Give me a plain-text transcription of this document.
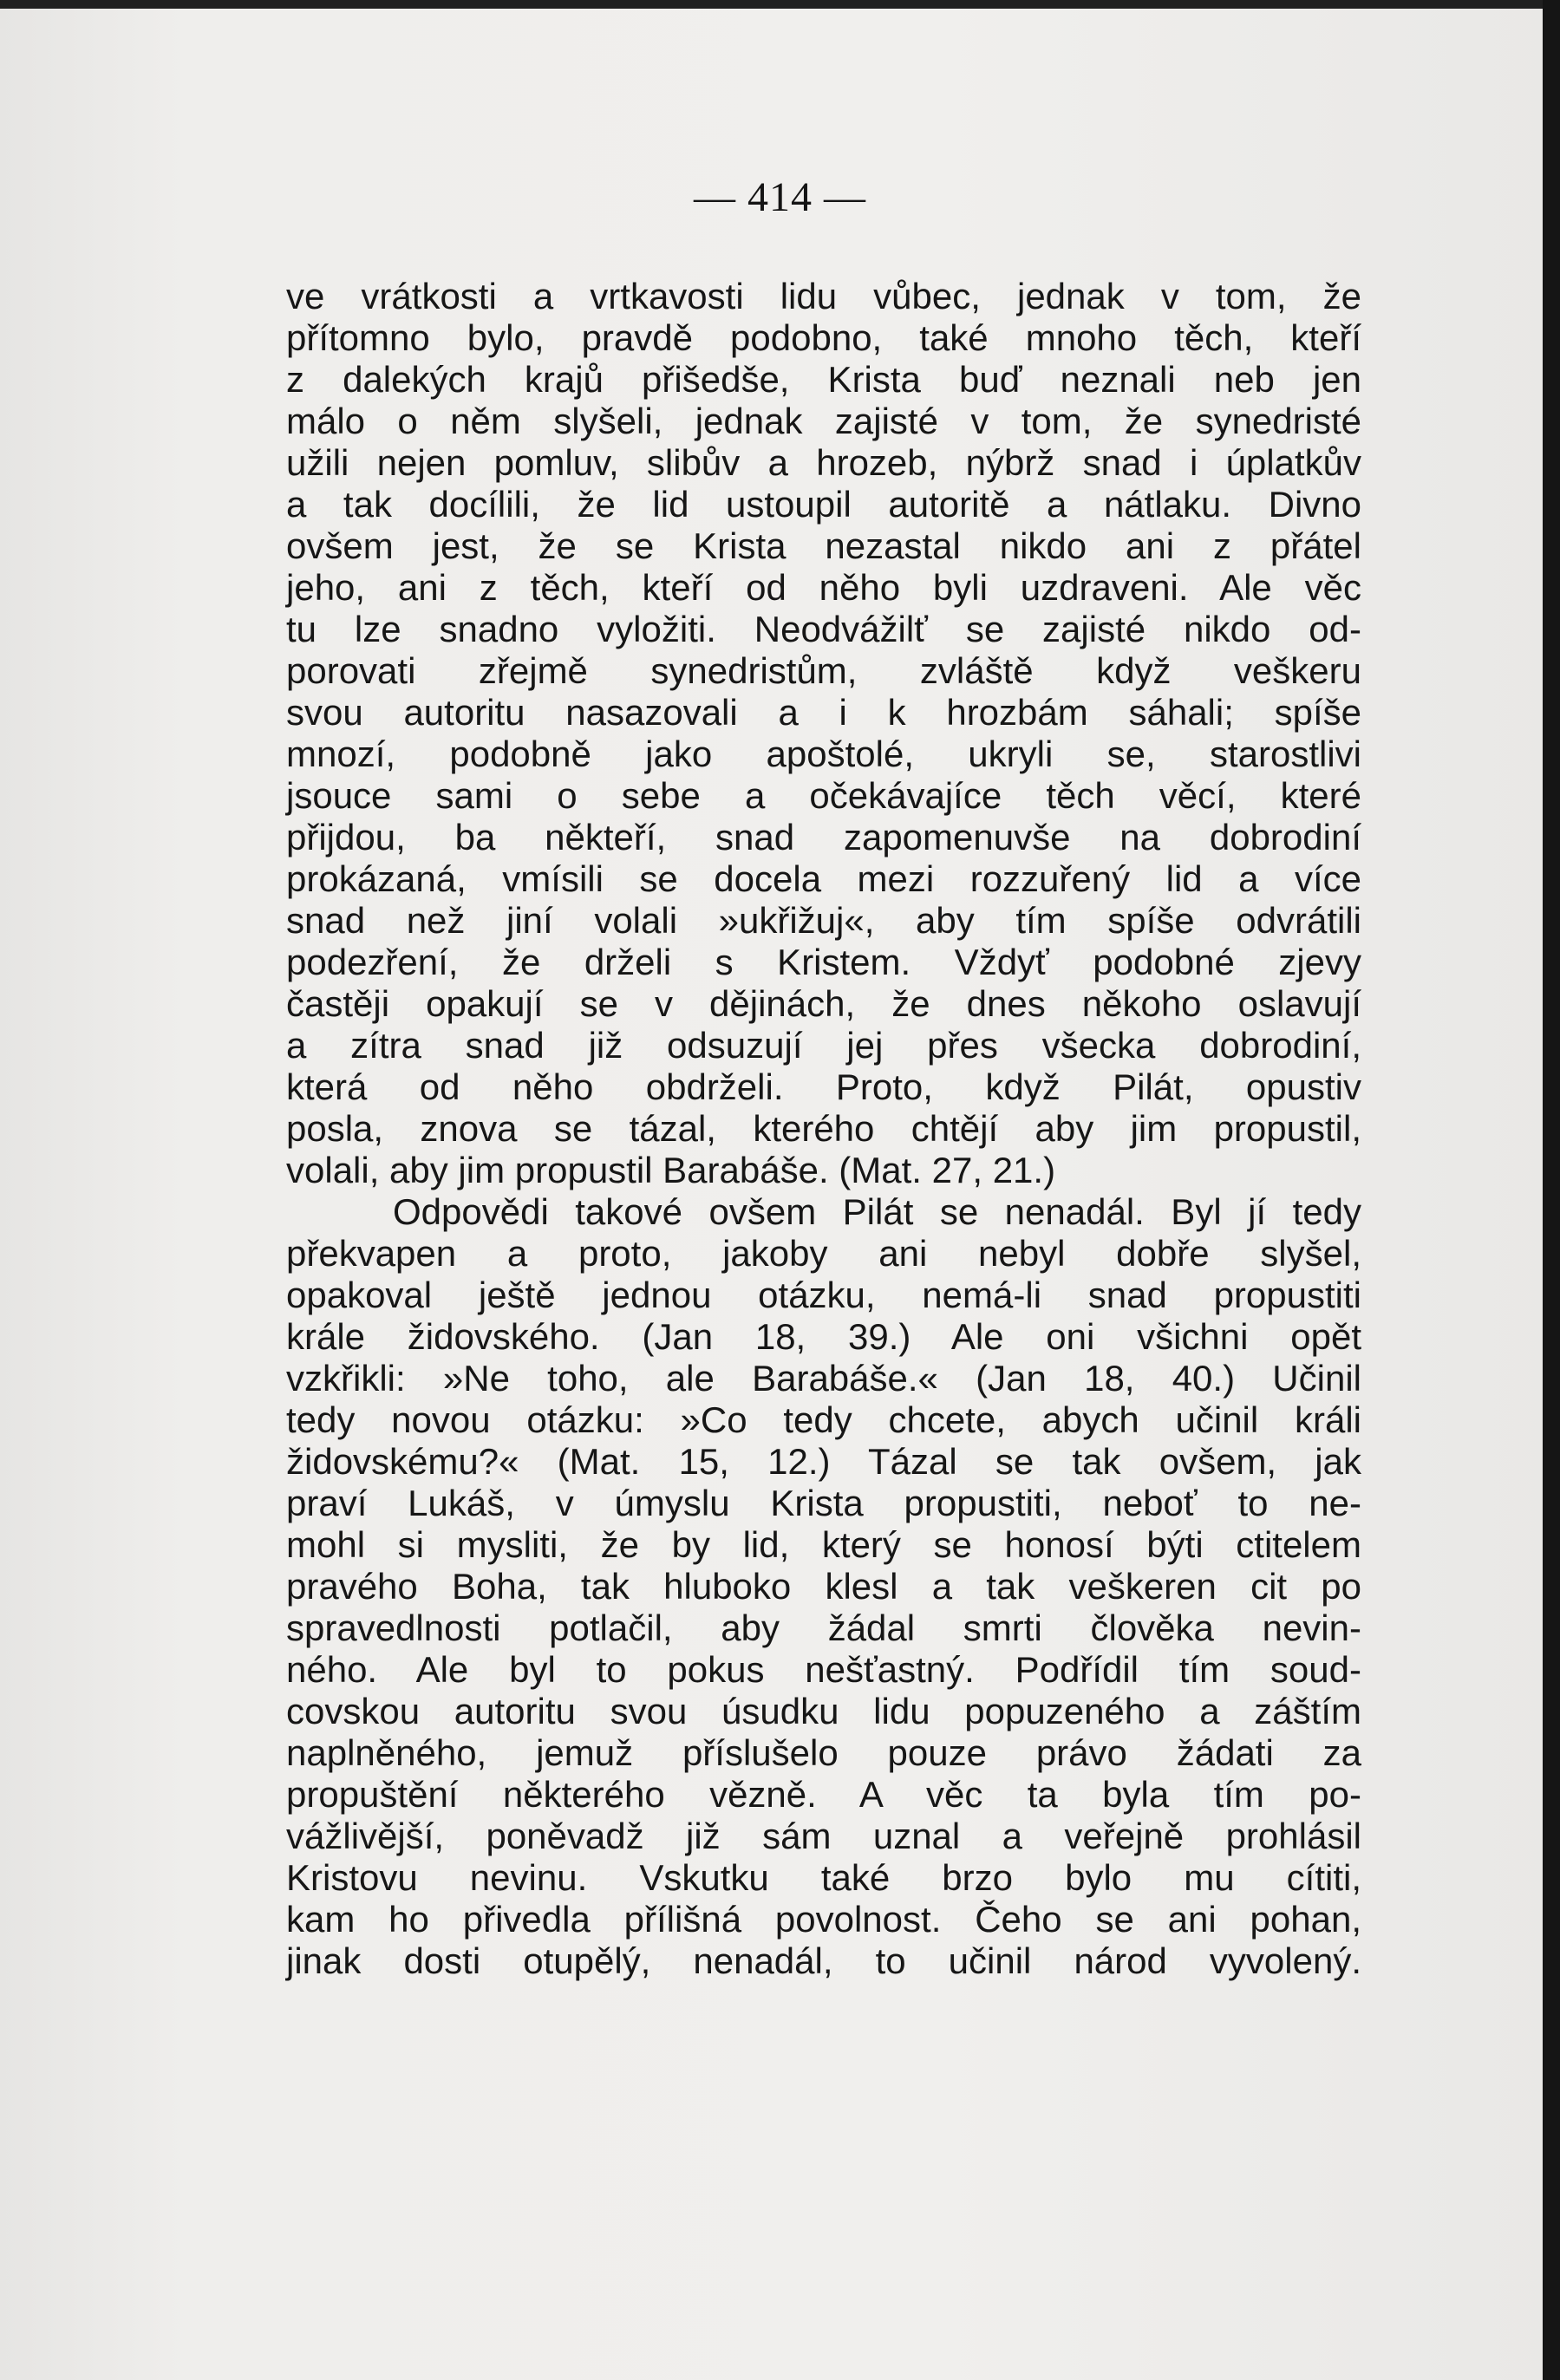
— 414 —
ve vrátkosti a vrtkavosti lidu vůbec, jednak v tom, že
přítomno bylo, pravdě podobno, také mnoho těch, kteří
z dalekých krajů přišedše, Krista buď neznali neb jen
málo o něm slyšeli, jednak zajisté v tom, že synedristé
užili nejen pomluv, slibův a hrozeb, nýbrž snad i úplatkův
a tak docílili, že lid ustoupil autoritě a nátlaku. Divno
ovšem jest, že se Krista nezastal nikdo ani z přátel
jeho, ani z těch, kteří od něho byli uzdraveni. Ale věc
tu lze snadno vyložiti. Neodvážilť se zajisté nikdo od-
porovati zřejmě synedristům, zvláště když veškeru
svou autoritu nasazovali a i k hrozbám sáhali; spíše
mnozí, podobně jako apoštolé, ukryli se, starostlivi
jsouce sami o sebe a očekávajíce těch věcí, které
přijdou, ba někteří, snad zapomenuvše na dobrodiní
prokázaná, vmísili se docela mezi rozzuřený lid a více
snad než jiní volali »ukřižuj«, aby tím spíše odvrátili
podezření, že drželi s Kristem. Vždyť podobné zjevy
častěji opakují se v dějinách, že dnes někoho oslavují
a zítra snad již odsuzují jej přes všecka dobrodiní,
která od něho obdrželi. Proto, když Pilát, opustiv
posla, znova se tázal, kterého chtějí aby jim propustil,
volali, aby jim propustil Barabáše. (Mat. 27, 21.)
Odpovědi takové ovšem Pilát se nenadál. Byl jí tedy
překvapen a proto, jakoby ani nebyl dobře slyšel,
opakoval ještě jednou otázku, nemá-li snad propustiti
krále židovského. (Jan 18, 39.) Ale oni všichni opět
vzkřikli: »Ne toho, ale Barabáše.« (Jan 18, 40.) Učinil
tedy novou otázku: »Co tedy chcete, abych učinil králi
židovskému?« (Mat. 15, 12.) Tázal se tak ovšem, jak
praví Lukáš, v úmyslu Krista propustiti, neboť to ne-
mohl si mysliti, že by lid, který se honosí býti ctitelem
pravého Boha, tak hluboko klesl a tak veškeren cit po
spravedlnosti potlačil, aby žádal smrti člověka nevin-
ného. Ale byl to pokus nešťastný. Podřídil tím soud-
covskou autoritu svou úsudku lidu popuzeného a záštím
naplněného, jemuž příslušelo pouze právo žádati za
propuštění některého vězně. A věc ta byla tím po-
vážlivější, poněvadž již sám uznal a veřejně prohlásil
Kristovu nevinu. Vskutku také brzo bylo mu cítiti,
kam ho přivedla přílišná povolnost. Čeho se ani pohan,
jinak dosti otupělý, nenadál, to učinil národ vyvolený.
